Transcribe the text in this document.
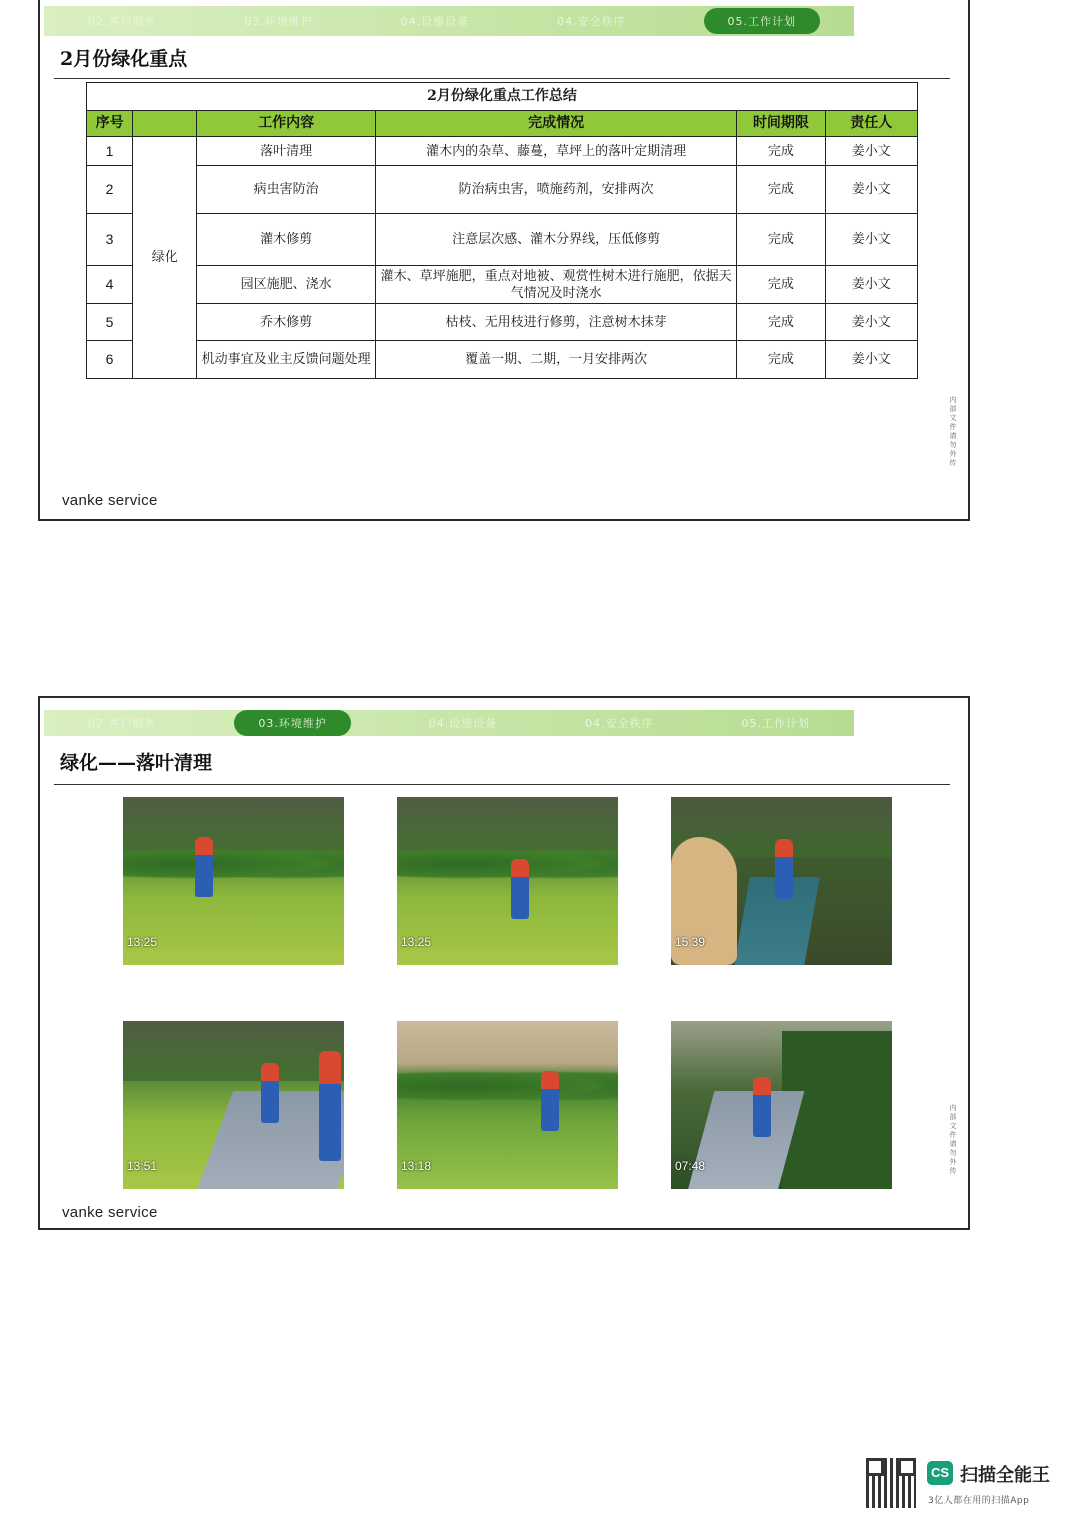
02.客户服务	03.环境维护	04.设施设备	04.安全秩序	05.工作计划
2月份绿化重点
2月份绿化重点工作总结					
序号		工作内容	完成情况	时间期限	责任人
1	绿化	落叶清理	灌木内的杂草、藤蔓，草坪上的落叶定期清理	完成	姜小文
2		病虫害防治	防治病虫害，喷施药剂，安排两次	完成	姜小文
3		灌木修剪	注意层次感、灌木分界线，压低修剪	完成	姜小文
4		园区施肥、浇水	灌木、草坪施肥，重点对地被、观赏性树木进行施肥，依据天气情况及时浇水	完成	姜小文
5		乔木修剪	枯枝、无用枝进行修剪，注意树木抹芽	完成	姜小文
6		机动事宜及业主反馈问题处理	覆盖一期、二期，一月安排两次	完成	姜小文
内部文件 请勿外传
vanke service
02.客户服务	03.环境维护	04.设施设备	04.安全秩序	05.工作计划
绿化——落叶清理
13:25	13:25	15:39
13:51	13:18	07:48
内部文件 请勿外传
vanke service
CS 扫描全能王
3亿人都在用的扫描App
